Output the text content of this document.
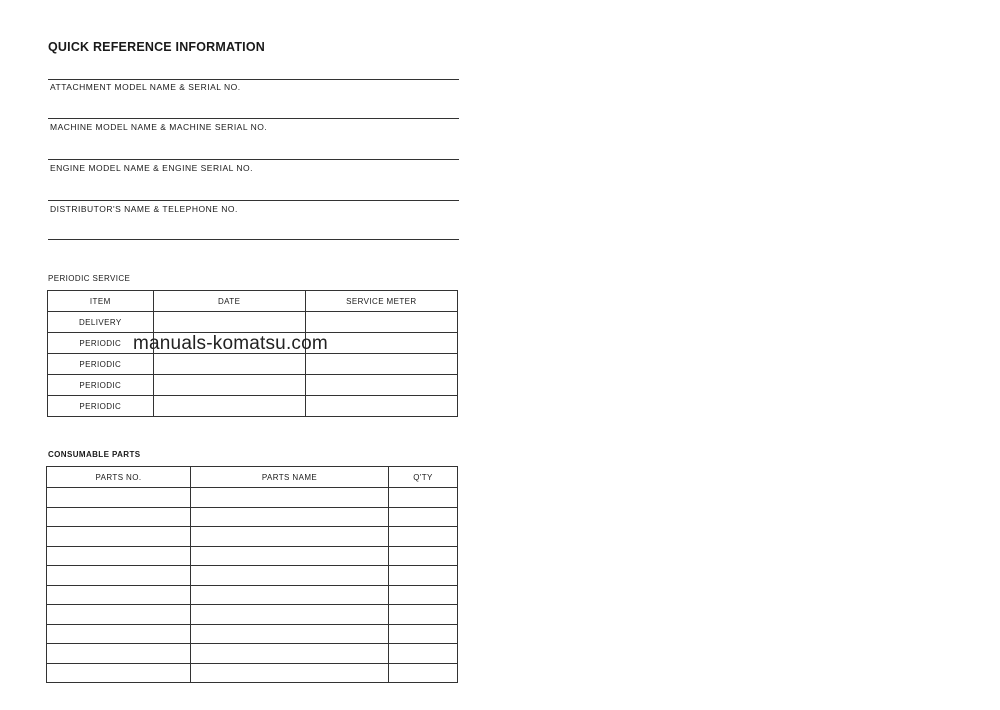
QUICK REFERENCE INFORMATION
ATTACHMENT MODEL NAME & SERIAL NO.
MACHINE MODEL NAME & MACHINE SERIAL NO.
ENGINE MODEL NAME & ENGINE SERIAL NO.
DISTRIBUTOR'S NAME & TELEPHONE NO.
PERIODIC SERVICE
ITEM	DATE	SERVICE METER
DELIVERY		
PERIODIC		
PERIODIC		
PERIODIC		
PERIODIC		
CONSUMABLE PARTS
PARTS NO.	PARTS NAME	Q'TY

manuals-komatsu.com
